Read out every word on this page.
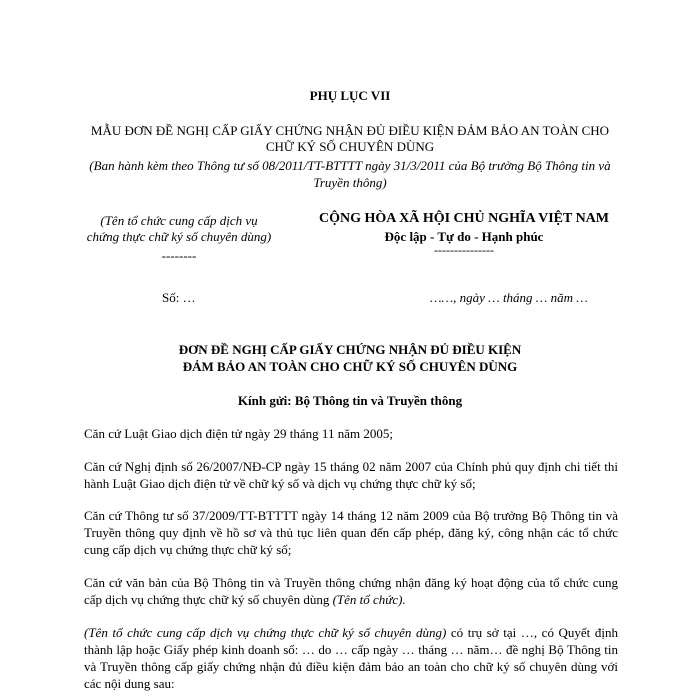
PHỤ LỤC VII
MẪU ĐƠN ĐỀ NGHỊ CẤP GIẤY CHỨNG NHẬN ĐỦ ĐIỀU KIỆN ĐẢM BẢO AN TOÀN CHO CHỮ KÝ SỐ CHUYÊN DÙNG
(Ban hành kèm theo Thông tư số 08/2011/TT-BTTTT ngày 31/3/2011 của Bộ trưởng Bộ Thông tin và Truyền thông)
(Tên tổ chức cung cấp dịch vụ chứng thực chữ ký số chuyên dùng)
--------
Số: …
CỘNG HÒA XÃ HỘI CHỦ NGHĨA VIỆT NAM
Độc lập - Tự do - Hạnh phúc
---------------
……, ngày … tháng … năm …
ĐƠN ĐỀ NGHỊ CẤP GIẤY CHỨNG NHẬN ĐỦ ĐIỀU KIỆN
ĐẢM BẢO AN TOÀN CHO CHỮ KÝ SỐ CHUYÊN DÙNG
Kính gửi: Bộ Thông tin và Truyền thông
Căn cứ Luật Giao dịch điện tử ngày 29 tháng 11 năm 2005;
Căn cứ Nghị định số 26/2007/NĐ-CP ngày 15 tháng 02 năm 2007 của Chính phủ quy định chi tiết thi hành Luật Giao dịch điện tử về chữ ký số và dịch vụ chứng thực chữ ký số;
Căn cứ Thông tư số 37/2009/TT-BTTTT ngày 14 tháng 12 năm 2009 của Bộ trưởng Bộ Thông tin và Truyền thông quy định về hồ sơ và thủ tục liên quan đến cấp phép, đăng ký, công nhận các tổ chức cung cấp dịch vụ chứng thực chữ ký số;
Căn cứ văn bản của Bộ Thông tin và Truyền thông chứng nhận đăng ký hoạt động của tổ chức cung cấp dịch vụ chứng thực chữ ký số chuyên dùng (Tên tổ chức).
(Tên tổ chức cung cấp dịch vụ chứng thực chữ ký số chuyên dùng) có trụ sở tại …, có Quyết định thành lập hoặc Giấy phép kinh doanh số: … do … cấp ngày … tháng … năm… đề nghị Bộ Thông tin và Truyền thông cấp giấy chứng nhận đủ điều kiện đảm bảo an toàn cho chữ ký số chuyên dùng với các nội dung sau:
